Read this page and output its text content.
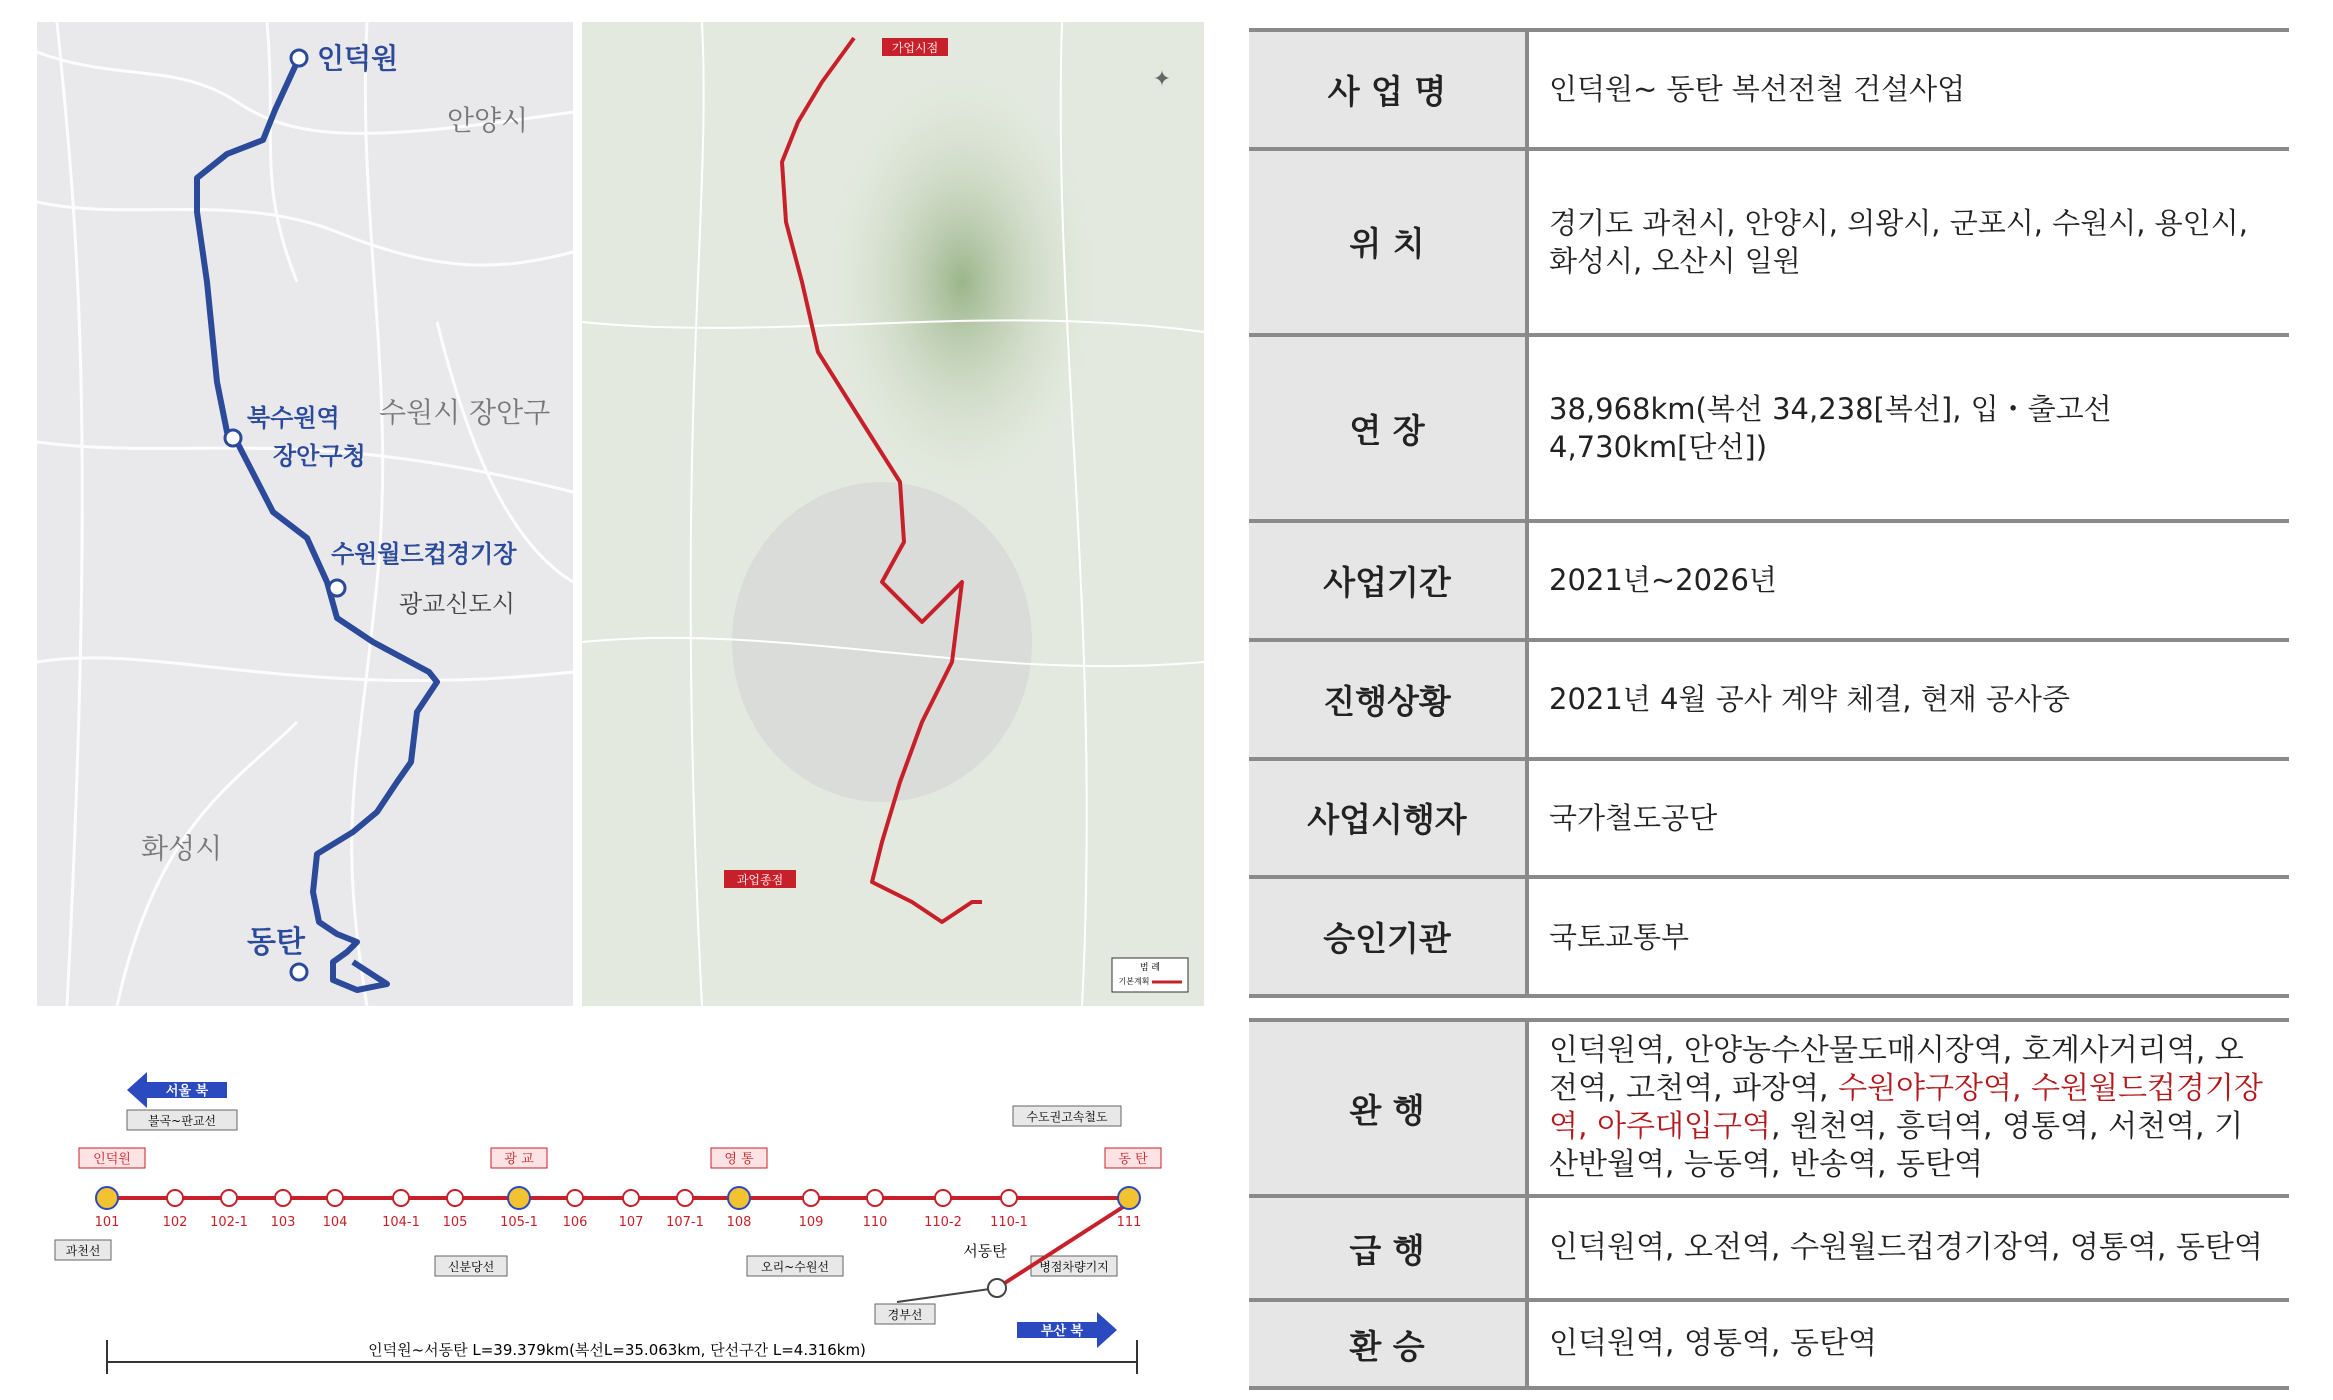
인덕원
북수원역
장안구청
수원월드컵경기장
동탄
안양시
수원시 장안구
광교신도시
화성시
가업시점
과업종점
✦
범 례
기본계획
서울 북
부산 북
불곡~판교선
과천선
신분당선	오리~수원선
수도권고속철도
서동탄
병점차량기지
경부선
인덕원	광 교	영 통	동 탄
101	102 102-1 103 104	104-1 105	105-1 106 107 107-1 108	109	110	110-2 110-1	111
인덕원~서동탄 L=39.379km(복선L=35.063km, 단선구간 L=4.316km)
사 업 명	인덕원~ 동탄 복선전철 건설사업
위 치	경기도 과천시, 안양시, 의왕시, 군포시, 수원시, 용인시, 화성시, 오산시 일원
연 장	38,968km(복선 34,238[복선], 입・출고선 4,730km[단선])
사업기간	2021년~2026년
진행상황	2021년 4월 공사 계약 체결, 현재 공사중
사업시행자	국가철도공단
승인기관	국토교통부
완 행	인덕원역, 안양농수산물도매시장역, 호계사거리역, 오전역, 고천역, 파장역, 수원야구장역, 수원월드컵경기장역, 아주대입구역, 원천역, 흥덕역, 영통역, 서천역, 기산반월역, 능동역, 반송역, 동탄역
급 행	인덕원역, 오전역, 수원월드컵경기장역, 영통역, 동탄역
환 승	인덕원역, 영통역, 동탄역
